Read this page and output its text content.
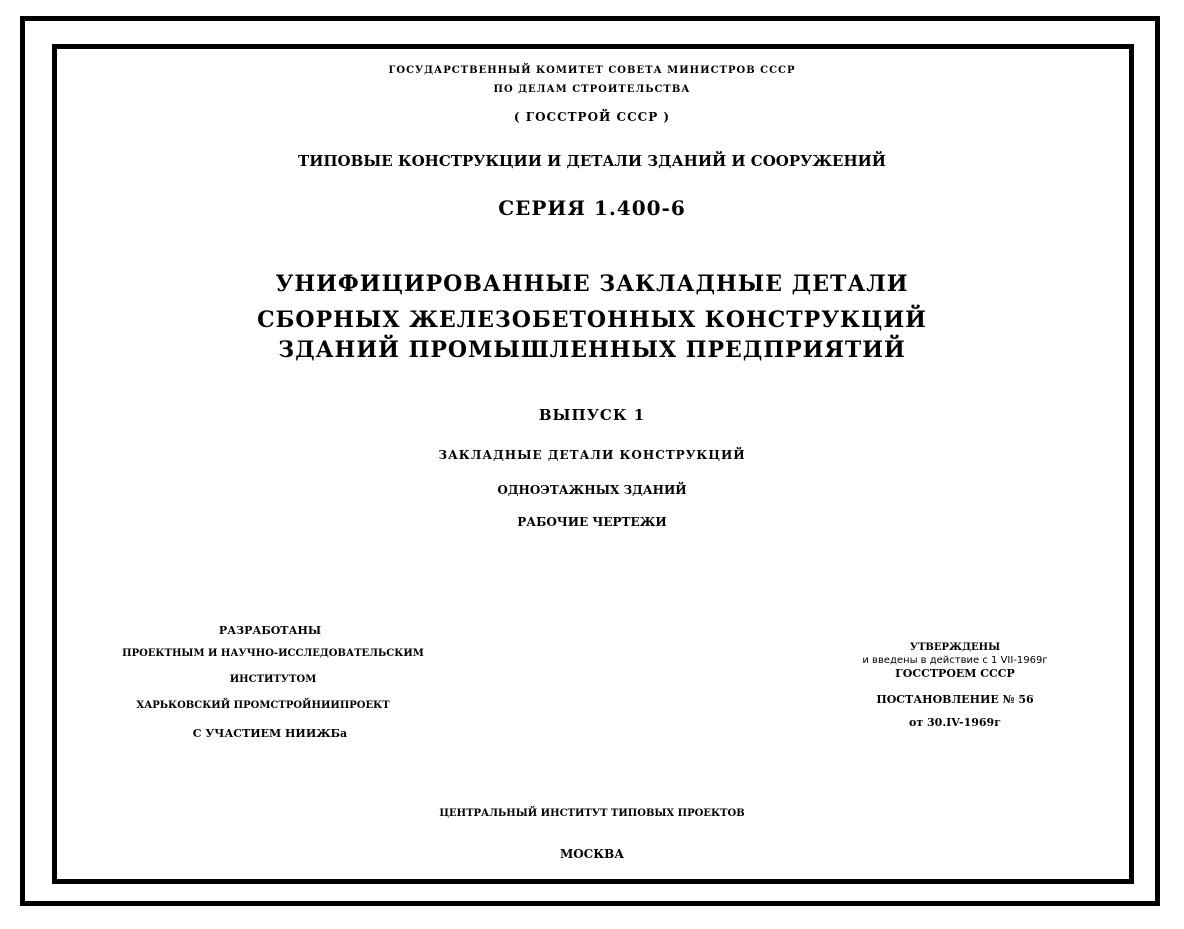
ГОСУДАРСТВЕННЫЙ КОМИТЕТ СОВЕТА МИНИСТРОВ СССР
ПО ДЕЛАМ СТРОИТЕЛЬСТВА
( ГОССТРОЙ СССР )
ТИПОВЫЕ КОНСТРУКЦИИ И ДЕТАЛИ ЗДАНИЙ И СООРУЖЕНИЙ
СЕРИЯ 1.400-6
УНИФИЦИРОВАННЫЕ ЗАКЛАДНЫЕ ДЕТАЛИ
СБОРНЫХ ЖЕЛЕЗОБЕТОННЫХ КОНСТРУКЦИЙ
ЗДАНИЙ ПРОМЫШЛЕННЫХ ПРЕДПРИЯТИЙ
ВЫПУСК 1
ЗАКЛАДНЫЕ ДЕТАЛИ КОНСТРУКЦИЙ
ОДНОЭТАЖНЫХ ЗДАНИЙ
РАБОЧИЕ ЧЕРТЕЖИ
РАЗРАБОТАНЫ
ПРОЕКТНЫМ И НАУЧНО-ИССЛЕДОВАТЕЛЬСКИМ
ИНСТИТУТОМ
ХАРЬКОВСКИЙ ПРОМСТРОЙНИИПРОЕКТ
С УЧАСТИЕМ НИИЖБа
УТВЕРЖДЕНЫ
и введены в действие с 1 VII-1969г
ГОССТРОЕМ СССР
ПОСТАНОВЛЕНИЕ № 56
от 30.IV-1969г
ЦЕНТРАЛЬНЫЙ ИНСТИТУТ ТИПОВЫХ ПРОЕКТОВ
МОСКВА
